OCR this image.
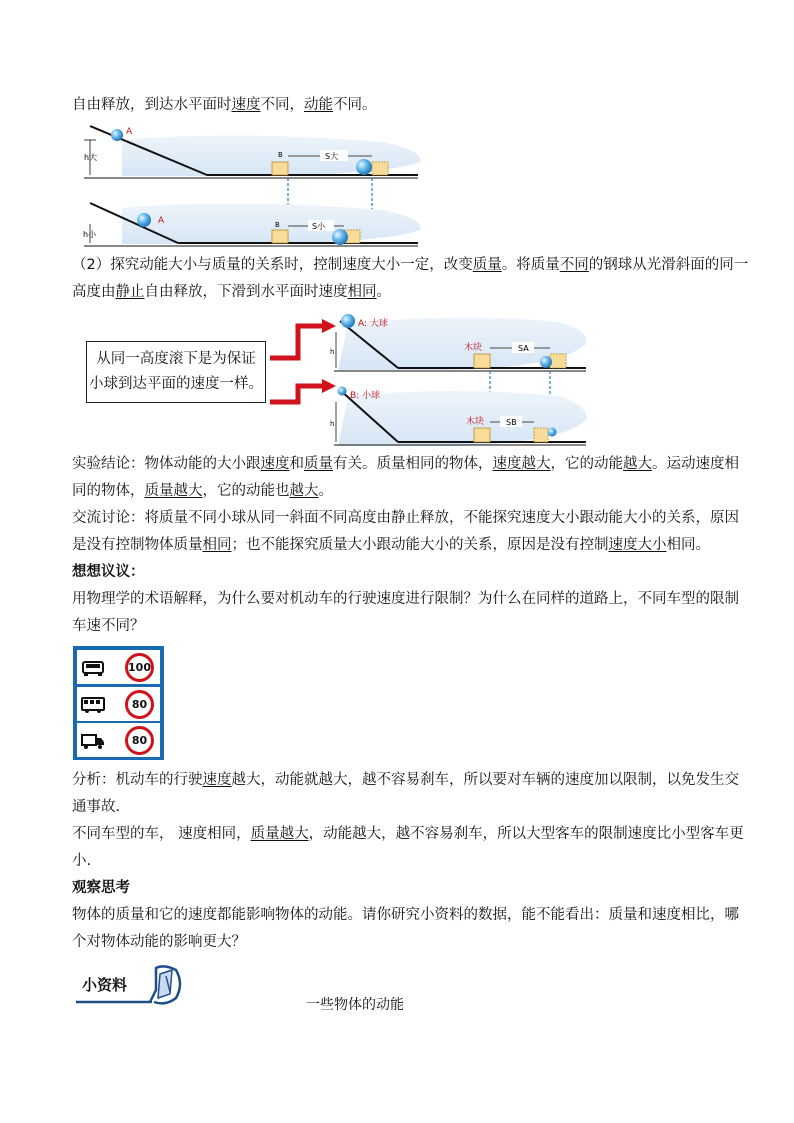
自由释放，到达水平面时速度不同，动能不同。
A
h大	B	S大
A
h小
B	S小
（2）探究动能大小与质量的关系时，控制速度大小一定，改变质量。将质量不同的钢球从光滑斜面的同一
高度由静止自由释放，下滑到水平面时速度相同。
A: 大球
h	木块	SA
B: 小球
h	木块	SB
从同一高度滚下是为保证
小球到达平面的速度一样。
实验结论：物体动能的大小跟速度和质量有关。质量相同的物体，速度越大，它的动能越大。运动速度相
同的物体，质量越大，它的动能也越大。
交流讨论：将质量不同小球从同一斜面不同高度由静止释放，不能探究速度大小跟动能大小的关系，原因
是没有控制物体质量相同；也不能探究质量大小跟动能大小的关系，原因是没有控制速度大小相同。
想想议议：
用物理学的术语解释，为什么要对机动车的行驶速度进行限制？为什么在同样的道路上，不同车型的限制
车速不同？
100
80
80
分析：机动车的行驶速度越大，动能就越大，越不容易刹车，所以要对车辆的速度加以限制，以免发生交
通事故.
不同车型的车， 速度相同，质量越大，动能越大，越不容易刹车，所以大型客车的限制速度比小型客车更
小.
观察思考
物体的质量和它的速度都能影响物体的动能。请你研究小资料的数据，能不能看出：质量和速度相比，哪
个对物体动能的影响更大？
小资料
一些物体的动能
